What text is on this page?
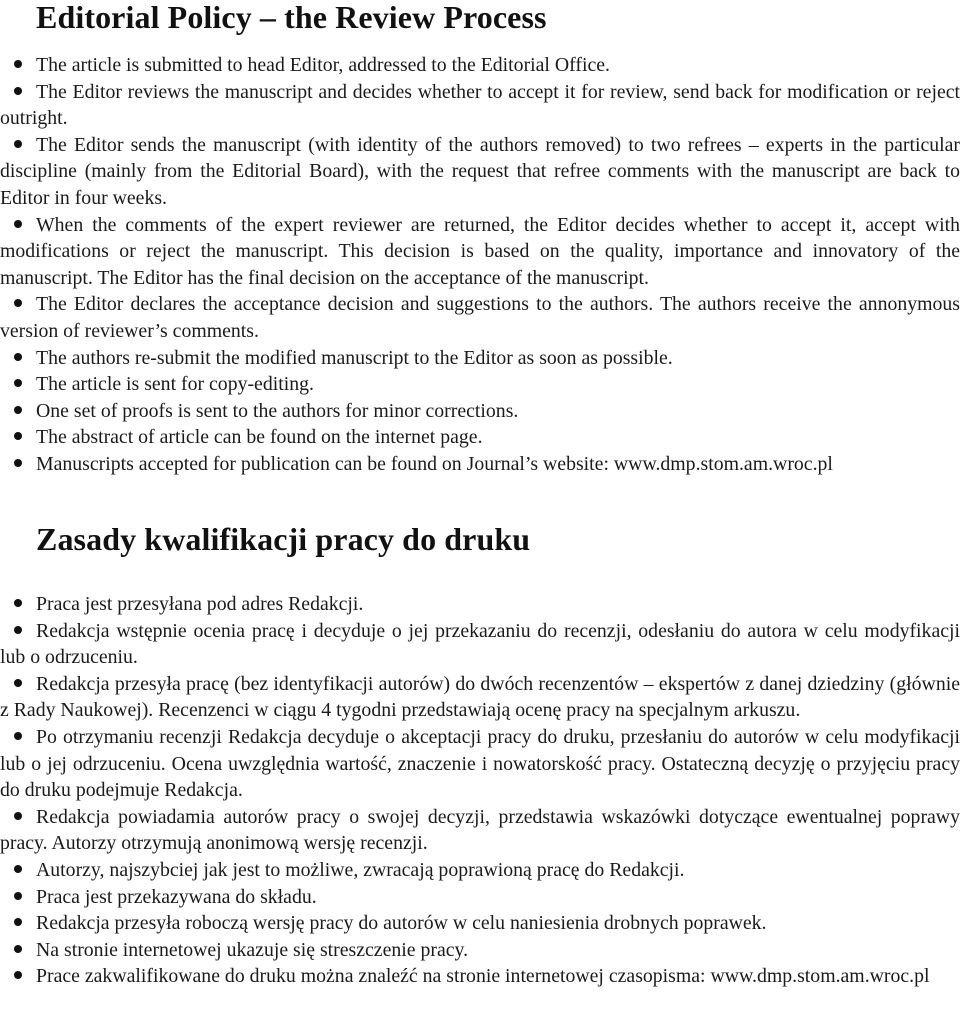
Editorial Policy – the Review Process
The article is submitted to head Editor, addressed to the Editorial Office.
The Editor reviews the manuscript and decides whether to accept it for review, send back for modification or reject outright.
The Editor sends the manuscript (with identity of the authors removed) to two refrees – experts in the particular discipline (mainly from the Editorial Board), with the request that refree comments with the manuscript are back to Editor in four weeks.
When the comments of the expert reviewer are returned, the Editor decides whether to accept it, accept with modifications or reject the manuscript. This decision is based on the quality, importance and innovatory of the manuscript. The Editor has the final decision on the acceptance of the manuscript.
The Editor declares the acceptance decision and suggestions to the authors. The authors receive the annonymous version of reviewer’s comments.
The authors re-submit the modified manuscript to the Editor as soon as possible.
The article is sent for copy-editing.
One set of proofs is sent to the authors for minor corrections.
The abstract of article can be found on the internet page.
Manuscripts accepted for publication can be found on Journal’s website: www.dmp.stom.am.wroc.pl
Zasady kwalifikacji pracy do druku
Praca jest przesyłana pod adres Redakcji.
Redakcja wstępnie ocenia pracę i decyduje o jej przekazaniu do recenzji, odesłaniu do autora w celu modyfikacji lub o odrzuceniu.
Redakcja przesyła pracę (bez identyfikacji autorów) do dwóch recenzentów – ekspertów z danej dziedziny (głównie z Rady Naukowej). Recenzenci w ciągu 4 tygodni przedstawiają ocenę pracy na specjalnym arkuszu.
Po otrzymaniu recenzji Redakcja decyduje o akceptacji pracy do druku, przesłaniu do autorów w celu modyfikacji lub o jej odrzuceniu. Ocena uwzględnia wartość, znaczenie i nowatorskość pracy. Ostateczną decyzję o przyjęciu pracy do druku podejmuje Redakcja.
Redakcja powiadamia autorów pracy o swojej decyzji, przedstawia wskazówki dotyczące ewentualnej poprawy pracy. Autorzy otrzymują anonimową wersję recenzji.
Autorzy, najszybciej jak jest to możliwe, zwracają poprawioną pracę do Redakcji.
Praca jest przekazywana do składu.
Redakcja przesyła roboczą wersję pracy do autorów w celu naniesienia drobnych poprawek.
Na stronie internetowej ukazuje się streszczenie pracy.
Prace zakwalifikowane do druku można znaleźć na stronie internetowej czasopisma: www.dmp.stom.am.wroc.pl
